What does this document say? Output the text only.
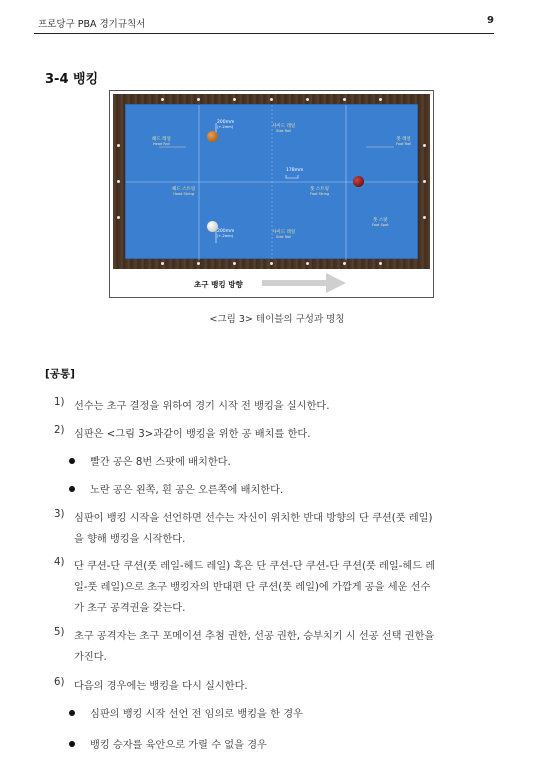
프로당구 PBA 경기규칙서	9
3-4 뱅킹
200mm
(+-2mm)
200mm
(+-2mm)
178mm
사이드 레일
Side Rail
사이드 레일
Side Rail
헤드 레일
Head Rail
풋 레일
Foot Rail
헤드 스트링
Head String
풋 스트링
Foot String
풋 스팟
Foot Spot
초구 뱅킹 방향
<그림 3> 테이블의 구성과 명칭
[공통]
1) 선수는 초구 결정을 위하여 경기 시작 전 뱅킹을 실시한다.
2) 심판은 <그림 3>과같이 뱅킹을 위한 공 배치를 한다.
빨간 공은 8번 스팟에 배치한다.
노란 공은 왼쪽, 흰 공은 오른쪽에 배치한다.
3) 심판이 뱅킹 시작을 선언하면 선수는 자신이 위치한 반대 방향의 단 쿠션(풋 레일)
을 향해 뱅킹을 시작한다.
4) 단 쿠션-단 쿠션(풋 레일-헤드 레일) 혹은 단 쿠션-단 쿠션-단 쿠션(풋 레일-헤드 레
일-풋 레일)으로 초구 뱅킹자의 반대편 단 쿠션(풋 레일)에 가깝게 공을 세운 선수
가 초구 공격권을 갖는다.
5) 초구 공격자는 초구 포메이션 추첨 권한, 선공 권한, 승부치기 시 선공 선택 권한을
가진다.
6) 다음의 경우에는 뱅킹을 다시 실시한다.
심판의 뱅킹 시작 선언 전 임의로 뱅킹을 한 경우
뱅킹 승자를 육안으로 가릴 수 없을 경우
